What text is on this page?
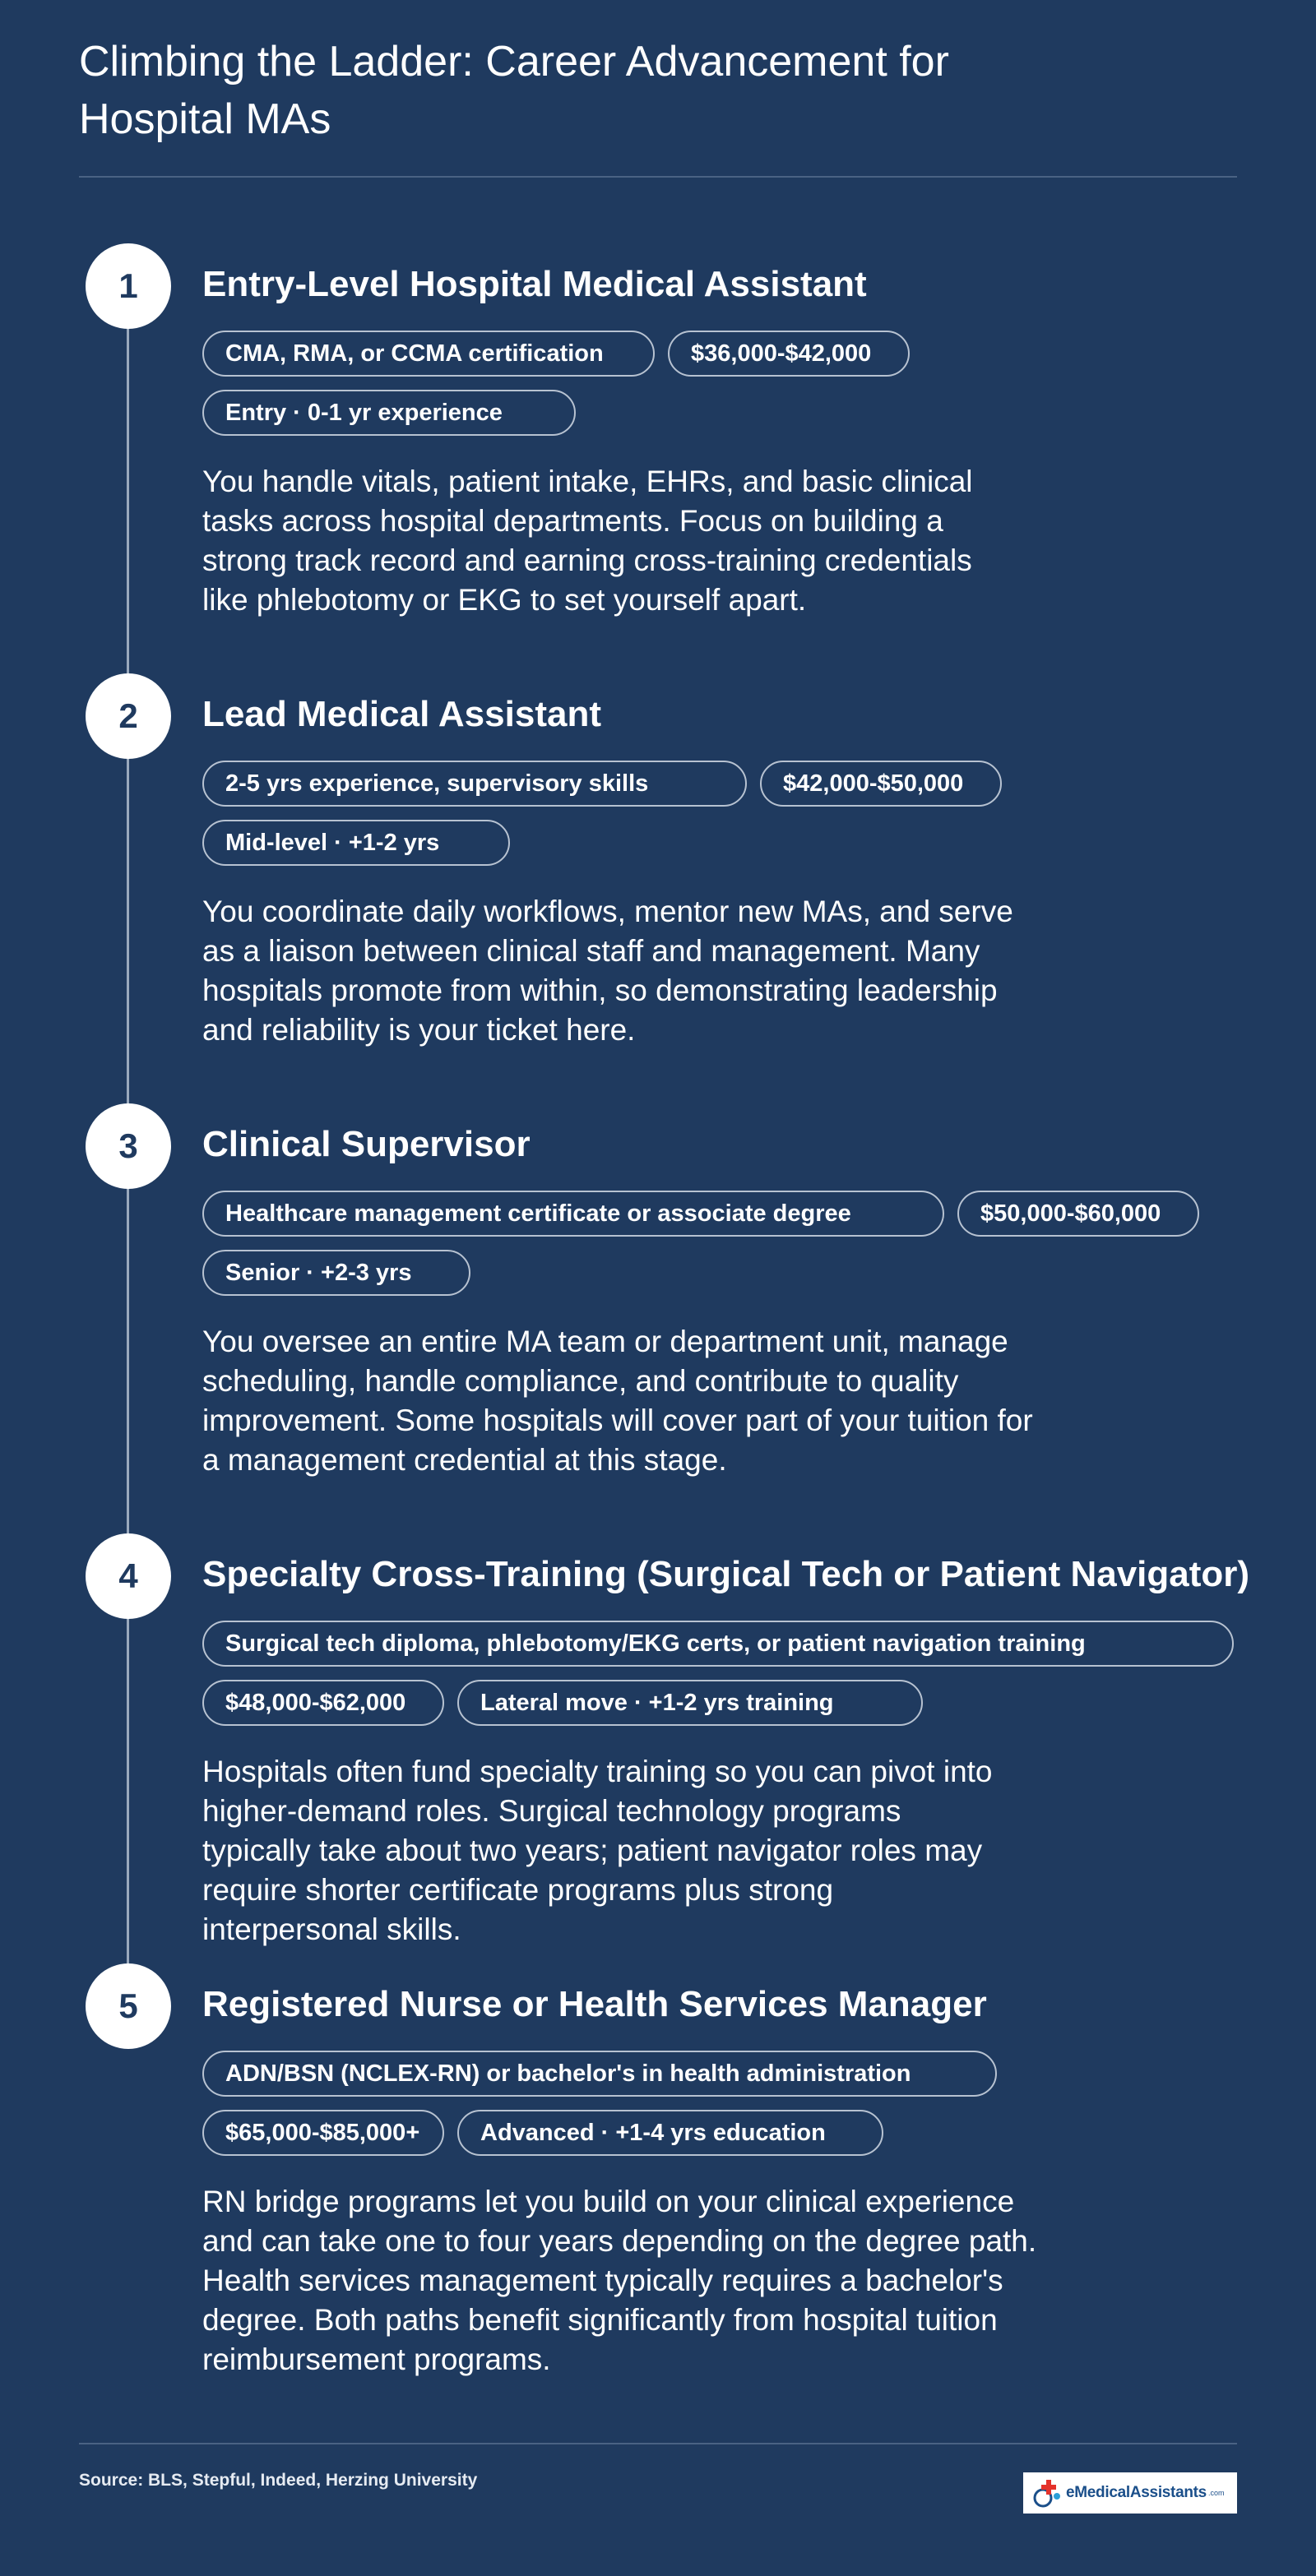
Climbing the Ladder: Career Advancement for Hospital MAs
1	Entry-Level Hospital Medical Assistant
CMA, RMA, or CCMA certification	$36,000-$42,000
Entry · 0-1 yr experience

You handle vitals, patient intake, EHRs, and basic clinical tasks across hospital departments. Focus on building a strong track record and earning cross-training credentials like phlebotomy or EKG to set yourself apart.

2	Lead Medical Assistant
2-5 yrs experience, supervisory skills	$42,000-$50,000
Mid-level · +1-2 yrs

You coordinate daily workflows, mentor new MAs, and serve as a liaison between clinical staff and management. Many hospitals promote from within, so demonstrating leadership and reliability is your ticket here.

3	Clinical Supervisor
Healthcare management certificate or associate degree	$50,000-$60,000
Senior · +2-3 yrs

You oversee an entire MA team or department unit, manage scheduling, handle compliance, and contribute to quality improvement. Some hospitals will cover part of your tuition for a management credential at this stage.

4	Specialty Cross-Training (Surgical Tech or Patient Navigator)
Surgical tech diploma, phlebotomy/EKG certs, or patient navigation training
$48,000-$62,000	Lateral move · +1-2 yrs training

Hospitals often fund specialty training so you can pivot into higher-demand roles. Surgical technology programs typically take about two years; patient navigator roles may require shorter certificate programs plus strong interpersonal skills.

5	Registered Nurse or Health Services Manager
ADN/BSN (NCLEX-RN) or bachelor's in health administration
$65,000-$85,000+	Advanced · +1-4 yrs education

RN bridge programs let you build on your clinical experience and can take one to four years depending on the degree path. Health services management typically requires a bachelor's degree. Both paths benefit significantly from hospital tuition reimbursement programs.

Source: BLS, Stepful, Indeed, Herzing University
eMedicalAssistants .com
